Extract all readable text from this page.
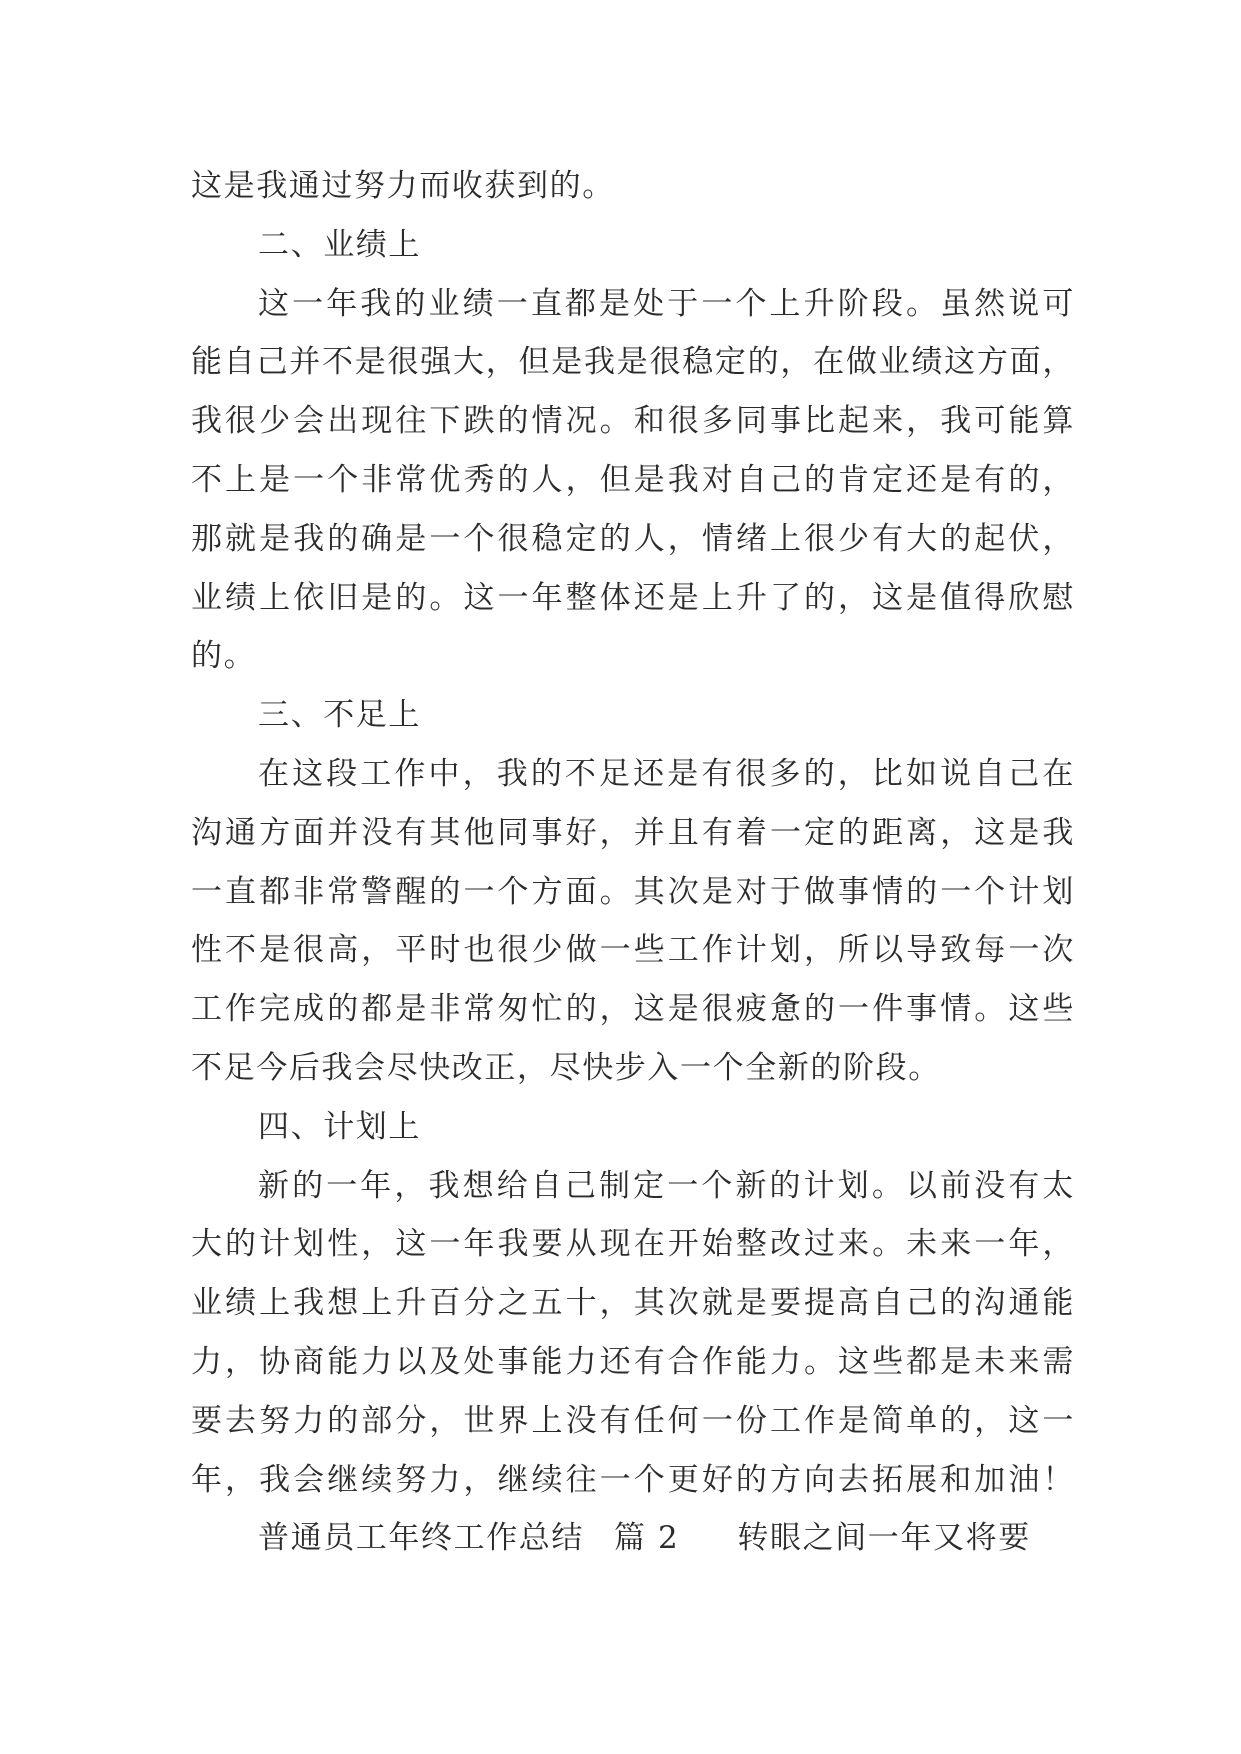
这是我通过努力而收获到的。
二、业绩上
这一年我的业绩一直都是处于一个上升阶段。虽然说可
能自己并不是很强大，但是我是很稳定的，在做业绩这方面，
我很少会出现往下跌的情况。和很多同事比起来，我可能算
不上是一个非常优秀的人，但是我对自己的肯定还是有的，
那就是我的确是一个很稳定的人，情绪上很少有大的起伏，
业绩上依旧是的。这一年整体还是上升了的，这是值得欣慰
的。
三、不足上
在这段工作中，我的不足还是有很多的，比如说自己在
沟通方面并没有其他同事好，并且有着一定的距离，这是我
一直都非常警醒的一个方面。其次是对于做事情的一个计划
性不是很高，平时也很少做一些工作计划，所以导致每一次
工作完成的都是非常匆忙的，这是很疲惫的一件事情。这些
不足今后我会尽快改正，尽快步入一个全新的阶段。
四、计划上
新的一年，我想给自己制定一个新的计划。以前没有太
大的计划性，这一年我要从现在开始整改过来。未来一年，
业绩上我想上升百分之五十，其次就是要提高自己的沟通能
力，协商能力以及处事能力还有合作能力。这些都是未来需
要去努力的部分，世界上没有任何一份工作是简单的，这一
年，我会继续努力，继续往一个更好的方向去拓展和加油！
普通员工年终工作总结 篇 2 转眼之间一年又将要
